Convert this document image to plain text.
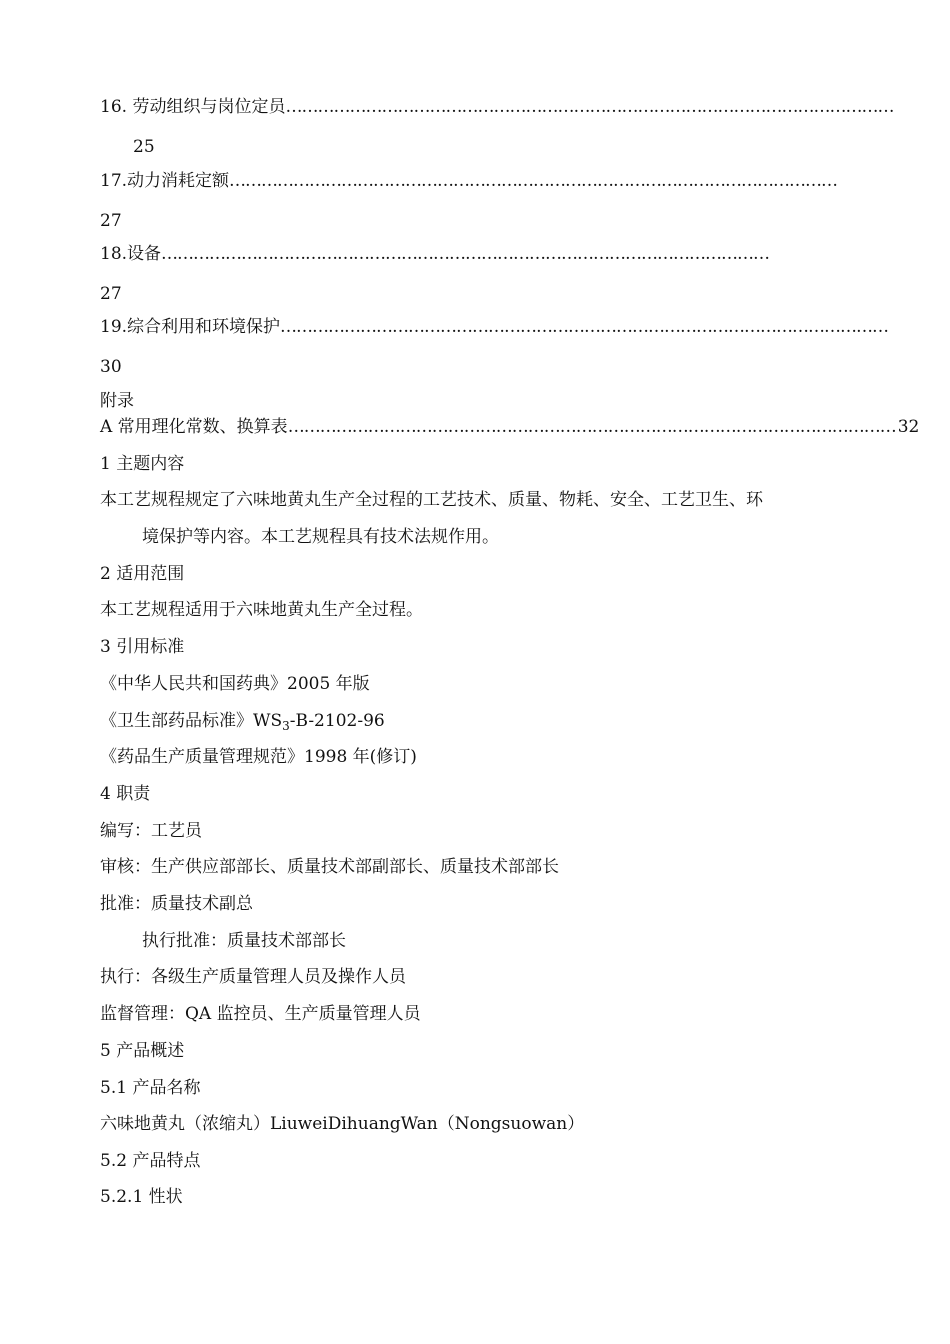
16. 劳动组织与岗位定员 ……………………………………………………………………………………………………
25
17.动力消耗定额 ……………………………………………………………………………………………………
27
18.设备 ……………………………………………………………………………………………………
27
19.综合利用和环境保护 ……………………………………………………………………………………………………
30
附录
A 常用理化常数、换算表 …………………………………………………………………………………………………… 32
1 主题内容
本工艺规程规定了六味地黄丸生产全过程的工艺技术、质量、物耗、安全、工艺卫生、环
境保护等内容。本工艺规程具有技术法规作用。
2 适用范围
本工艺规程适用于六味地黄丸生产全过程。
3 引用标准
《中华人民共和国药典》2005 年版
《卫生部药品标准》$WS_3-B-2102-96$
《药品生产质量管理规范》1998 年(修订)
4 职责
编写：工艺员
审核：生产供应部部长、质量技术部副部长、质量技术部部长
批准：质量技术副总
执行批准：质量技术部部长
执行：各级生产质量管理人员及操作人员
监督管理：QA 监控员、生产质量管理人员
5 产品概述
5.1 产品名称
六味地黄丸（浓缩丸）LiuweiDihuangWan（Nongsuowan）
5.2 产品特点
5.2.1 性状
